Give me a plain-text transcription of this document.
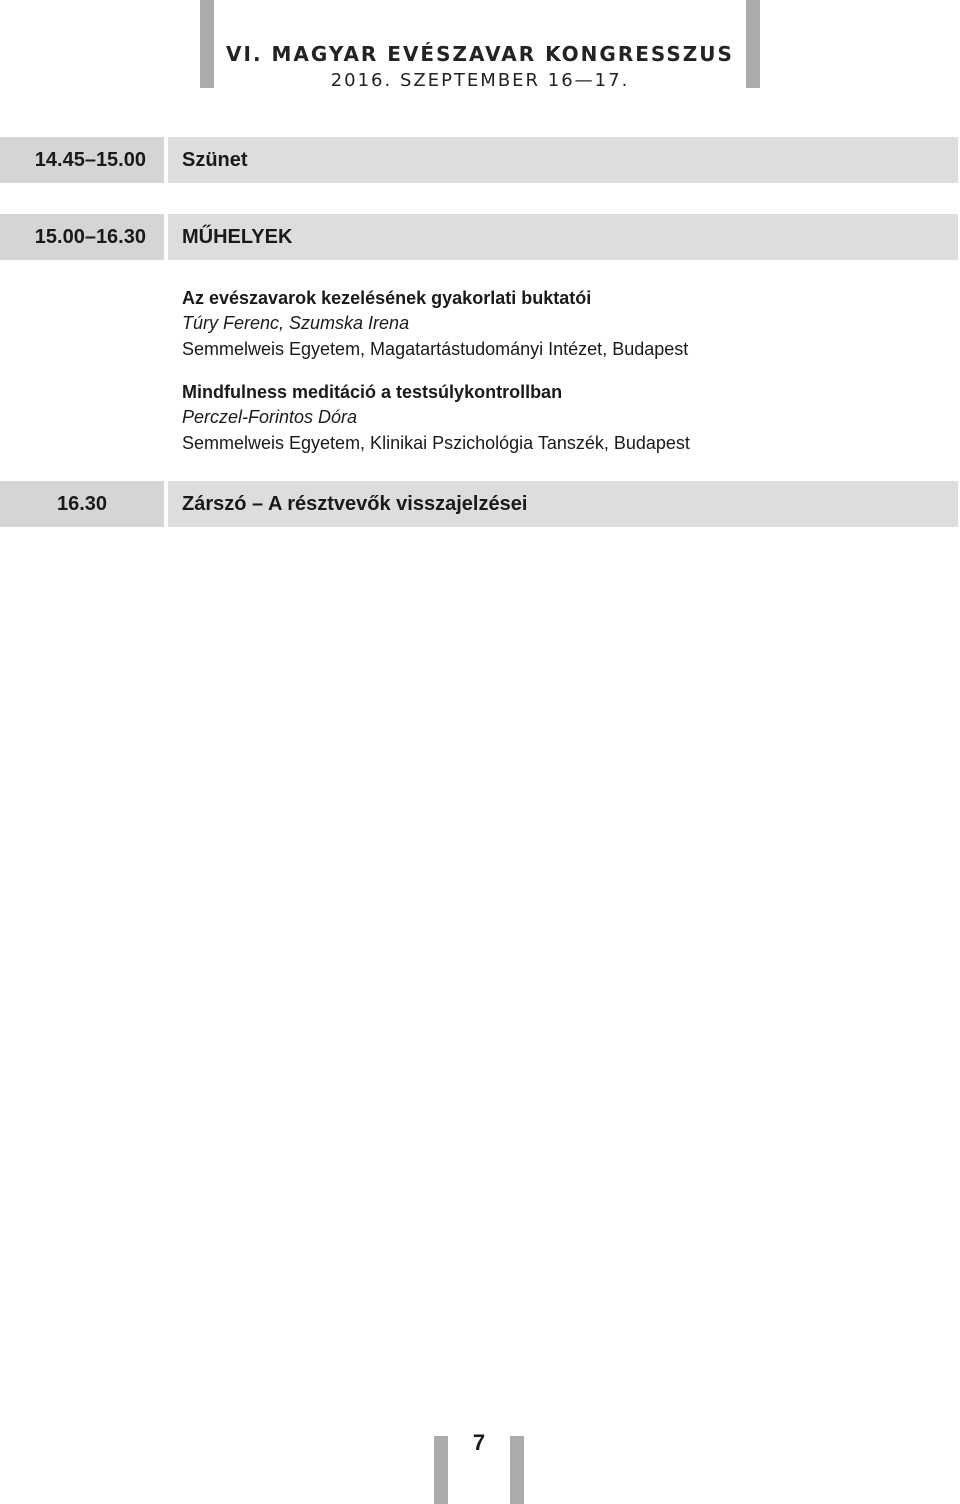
VI. MAGYAR EVÉSZAVAR KONGRESSZUS
2016. SZEPTEMBER 16—17.
14.45–15.00	Szünet
15.00–16.30	MŰHELYEK
Az evészavarok kezelésének gyakorlati buktatói
Túry Ferenc, Szumska Irena
Semmelweis Egyetem, Magatartástudományi Intézet, Budapest
Mindfulness meditáció a testsúlykontrollban
Perczel-Forintos Dóra
Semmelweis Egyetem, Klinikai Pszichológia Tanszék, Budapest
16.30	Zárszó – A résztvevők visszajelzései
7
